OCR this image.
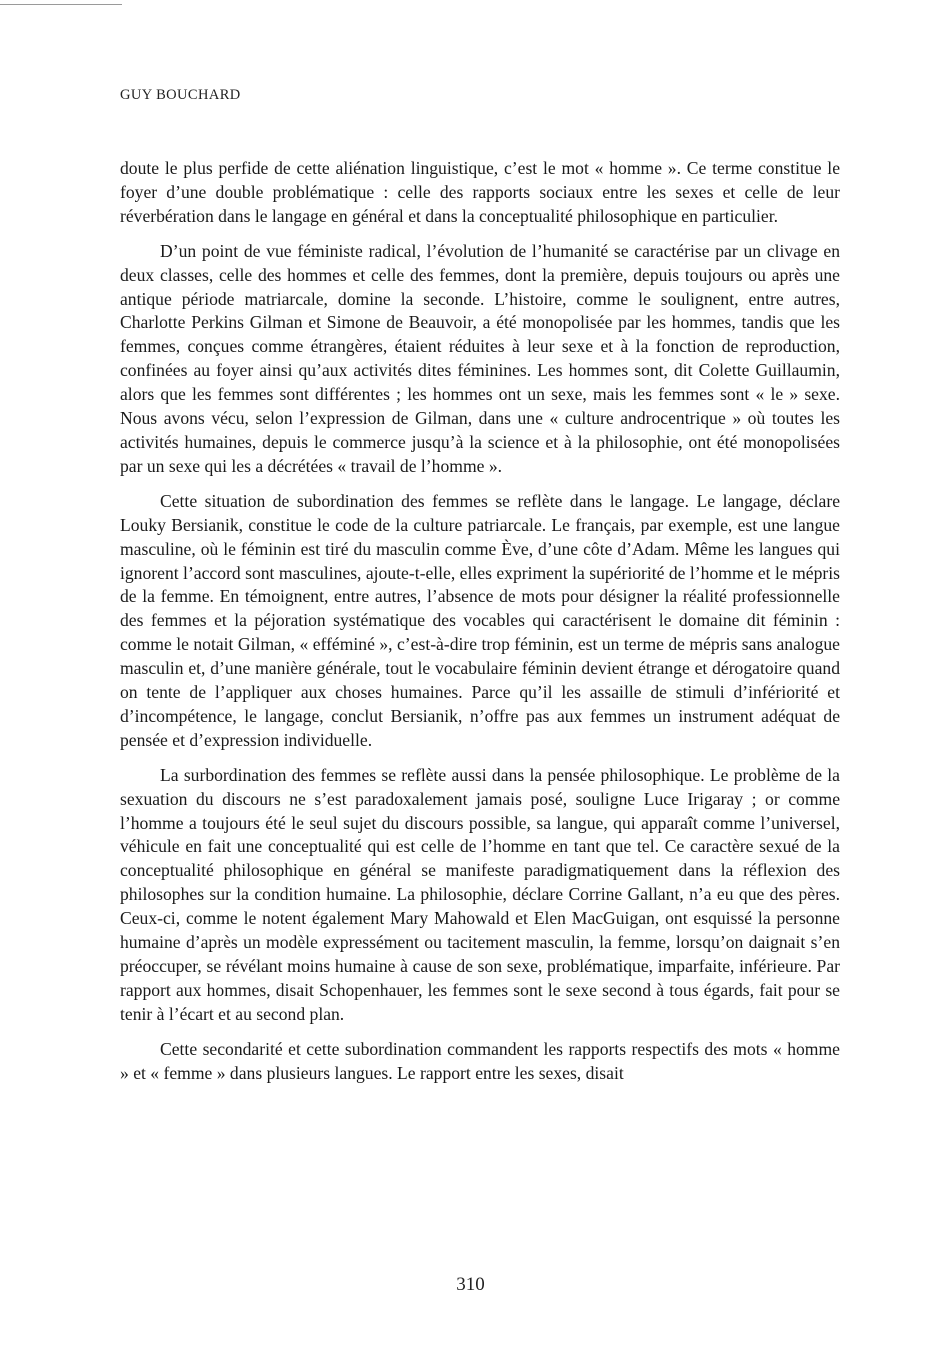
GUY BOUCHARD

doute le plus perfide de cette aliénation linguistique, c’est le mot « homme ». Ce terme constitue le foyer d’une double problématique : celle des rapports sociaux entre les sexes et celle de leur réverbération dans le langage en général et dans la conceptualité philosophique en particulier.

D’un point de vue féministe radical, l’évolution de l’humanité se caractérise par un clivage en deux classes, celle des hommes et celle des femmes, dont la première, depuis toujours ou après une antique période matriarcale, domine la seconde. L’histoire, comme le soulignent, entre autres, Charlotte Perkins Gilman et Simone de Beauvoir, a été monopolisée par les hommes, tandis que les femmes, conçues comme étrangères, étaient réduites à leur sexe et à la fonction de reproduction, confinées au foyer ainsi qu’aux activités dites féminines. Les hommes sont, dit Colette Guillaumin, alors que les femmes sont différentes ; les hommes ont un sexe, mais les femmes sont « le » sexe. Nous avons vécu, selon l’expression de Gilman, dans une « culture androcentrique » où toutes les activités humaines, depuis le commerce jusqu’à la science et à la philosophie, ont été monopolisées par un sexe qui les a décrétées « travail de l’homme ».

Cette situation de subordination des femmes se reflète dans le langage. Le langage, déclare Louky Bersianik, constitue le code de la culture patriarcale. Le français, par exemple, est une langue masculine, où le féminin est tiré du masculin comme Ève, d’une côte d’Adam. Même les langues qui ignorent l’accord sont masculines, ajoute-t-elle, elles expriment la supériorité de l’homme et le mépris de la femme. En témoignent, entre autres, l’absence de mots pour désigner la réalité professionnelle des femmes et la péjoration systématique des vocables qui caractérisent le domaine dit féminin : comme le notait Gilman, « efféminé », c’est-à-dire trop féminin, est un terme de mépris sans analogue masculin et, d’une manière générale, tout le vocabulaire féminin devient étrange et dérogatoire quand on tente de l’appliquer aux choses humaines. Parce qu’il les assaille de stimuli d’infériorité et d’incompétence, le langage, conclut Bersianik, n’offre pas aux femmes un instrument adéquat de pensée et d’expression individuelle.

La surbordination des femmes se reflète aussi dans la pensée philosophique. Le problème de la sexuation du discours ne s’est paradoxalement jamais posé, souligne Luce Irigaray ; or comme l’homme a toujours été le seul sujet du discours possible, sa langue, qui apparaît comme l’universel, véhicule en fait une conceptualité qui est celle de l’homme en tant que tel. Ce caractère sexué de la conceptualité philosophique en général se manifeste paradigmatiquement dans la réflexion des philosophes sur la condition humaine. La philosophie, déclare Corrine Gallant, n’a eu que des pères. Ceux-ci, comme le notent également Mary Mahowald et Elen MacGuigan, ont esquissé la personne humaine d’après un modèle expressément ou tacitement masculin, la femme, lorsqu’on daignait s’en préoccuper, se révélant moins humaine à cause de son sexe, problématique, imparfaite, inférieure. Par rapport aux hommes, disait Schopenhauer, les femmes sont le sexe second à tous égards, fait pour se tenir à l’écart et au second plan.

Cette secondarité et cette subordination commandent les rapports respectifs des mots « homme » et « femme » dans plusieurs langues. Le rapport entre les sexes, disait

310
